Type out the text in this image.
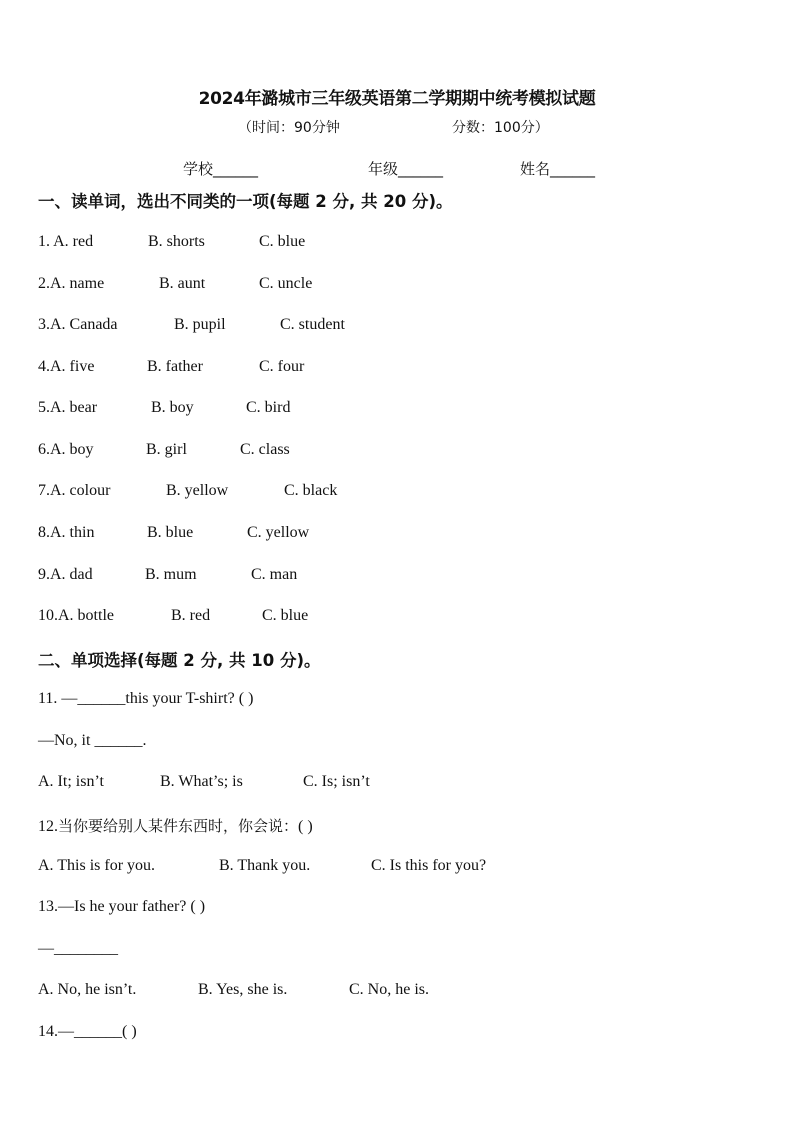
2024年潞城市三年级英语第二学期期中统考模拟试题
（时间：90分钟	分数：100分）
学校______	年级______	姓名______
一、读单词，选出不同类的一项(每题 2 分, 共 20 分)。
1. A. red	B. shorts	C. blue
2.A. name	B. aunt	C. uncle
3.A. Canada	B. pupil	C. student
4.A. five	B. father	C. four
5.A. bear	B. boy	C. bird
6.A. boy	B. girl	C. class
7.A. colour	B. yellow	C. black
8.A. thin	B. blue	C. yellow
9.A. dad	B. mum	C. man
10.A. bottle	B. red	C. blue
二、单项选择(每题 2 分, 共 10 分)。
11. —______this your T-shirt? ( )
—No, it ______.
A. It; isn’t	B. What’s; is	C. Is; isn’t
12.当你要给别人某件东西时，你会说：( )
A. This is for you.	B. Thank you.	C. Is this for you?
13.—Is he your father? ( )
—________
A. No, he isn’t.	B. Yes, she is.	C. No, he is.
14.—______( )
